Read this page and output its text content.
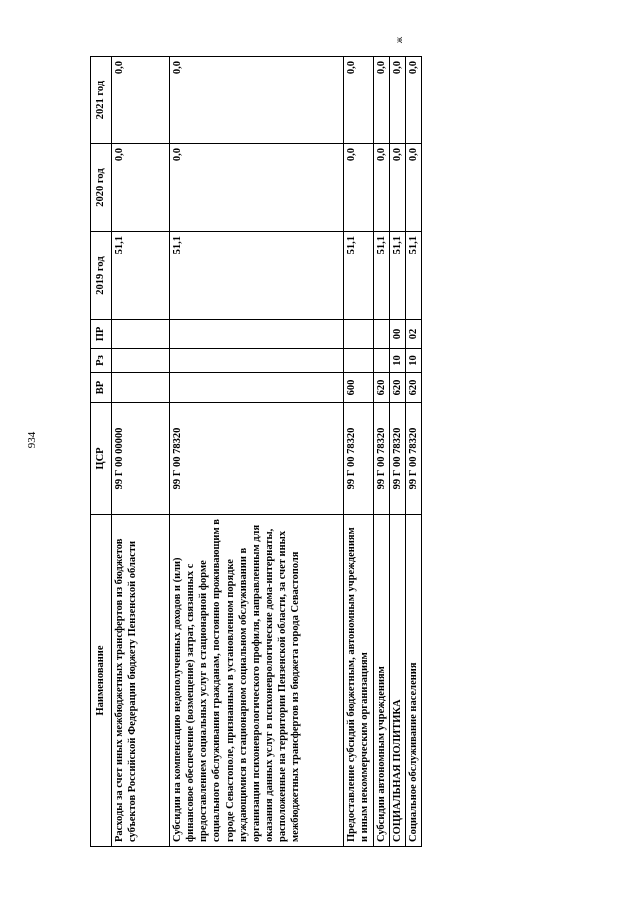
934
ж
Наименование	ЦСР	ВР	Рз	ПР	2019 год	2020 год	2021 год
Расходы за счет иных межбюджетных трансфертов из бюджетов субъектов Российской Федерации бюджету Пензенской области	99 Г 00 00000				51,1	0,0	0,0
Субсидии на компенсацию недополученных доходов и (или) финансовое обеспечение (возмещение) затрат, связанных с предоставлением социальных услуг в стационарной форме социального обслуживания гражданам, постоянно проживающим в городе Севастополе, признанным в установленном порядке нуждающимися в стационарном социальном обслуживании в организации психоневрологического профиля, направленным для оказания данных услуг в психоневрологические дома-интернаты, расположенные на территории Пензенской области, за счет иных межбюджетных трансфертов из бюджета города Севастополя	99 Г 00 78320				51,1	0,0	0,0
Предоставление субсидий бюджетным, автономным учреждениям и иным некоммерческим организациям	99 Г 00 78320	600			51,1	0,0	0,0
Субсидии автономным учреждениям	99 Г 00 78320	620			51,1	0,0	0,0
СОЦИАЛЬНАЯ ПОЛИТИКА	99 Г 00 78320	620	10	00	51,1	0,0	0,0
Социальное обслуживание населения	99 Г 00 78320	620	10	02	51,1	0,0	0,0
